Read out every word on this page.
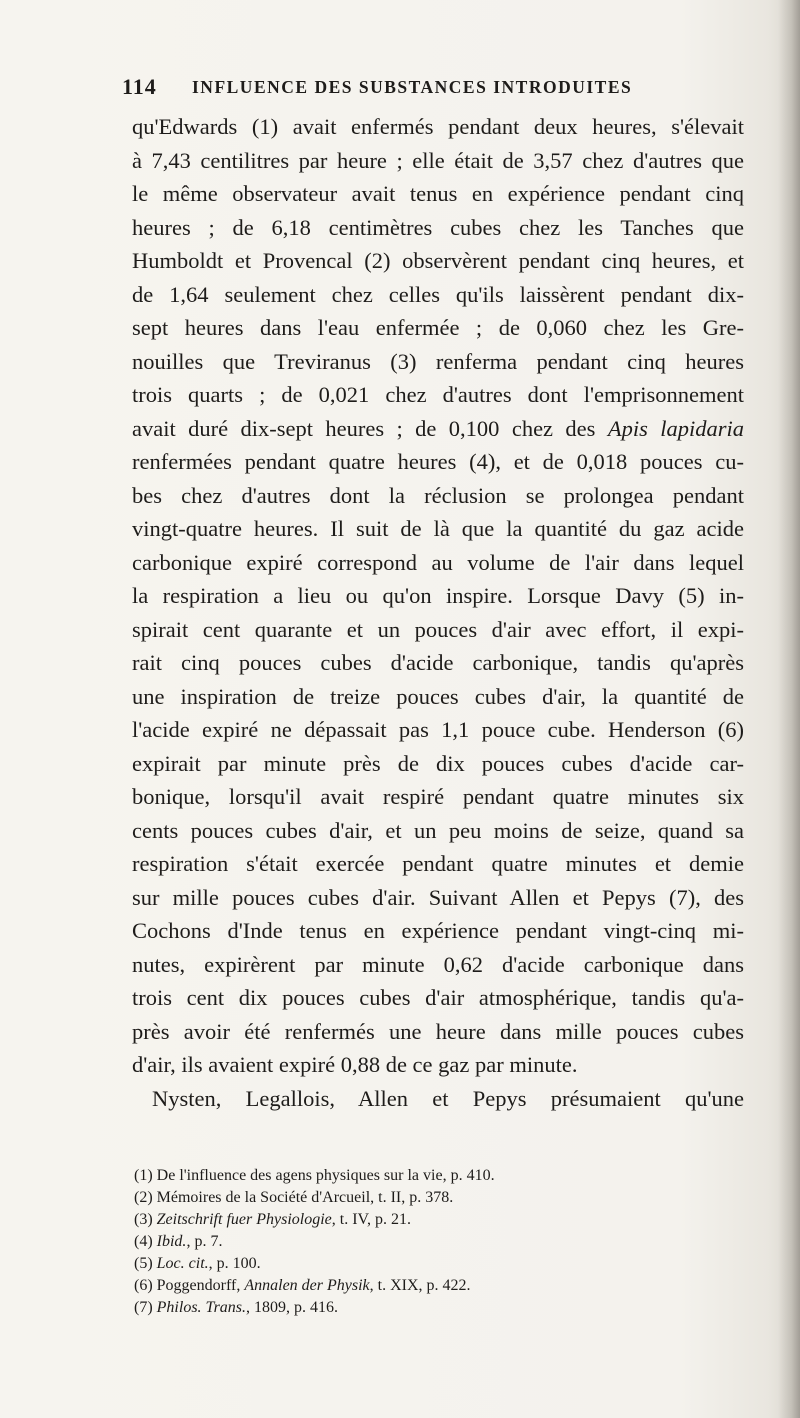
114 INFLUENCE DES SUBSTANCES INTRODUITES
qu'Edwards (1) avait enfermés pendant deux heures, s'élevait
à 7,43 centilitres par heure ; elle était de 3,57 chez d'autres que
le même observateur avait tenus en expérience pendant cinq
heures ; de 6,18 centimètres cubes chez les Tanches que
Humboldt et Provencal (2) observèrent pendant cinq heures, et
de 1,64 seulement chez celles qu'ils laissèrent pendant dix-
sept heures dans l'eau enfermée ; de 0,060 chez les Gre-
nouilles que Treviranus (3) renferma pendant cinq heures
trois quarts ; de 0,021 chez d'autres dont l'emprisonnement
avait duré dix-sept heures ; de 0,100 chez des Apis lapidaria
renfermées pendant quatre heures (4), et de 0,018 pouces cu-
bes chez d'autres dont la réclusion se prolongea pendant
vingt-quatre heures. Il suit de là que la quantité du gaz acide
carbonique expiré correspond au volume de l'air dans lequel
la respiration a lieu ou qu'on inspire. Lorsque Davy (5) in-
spirait cent quarante et un pouces d'air avec effort, il expi-
rait cinq pouces cubes d'acide carbonique, tandis qu'après
une inspiration de treize pouces cubes d'air, la quantité de
l'acide expiré ne dépassait pas 1,1 pouce cube. Henderson (6)
expirait par minute près de dix pouces cubes d'acide car-
bonique, lorsqu'il avait respiré pendant quatre minutes six
cents pouces cubes d'air, et un peu moins de seize, quand sa
respiration s'était exercée pendant quatre minutes et demie
sur mille pouces cubes d'air. Suivant Allen et Pepys (7), des
Cochons d'Inde tenus en expérience pendant vingt-cinq mi-
nutes, expirèrent par minute 0,62 d'acide carbonique dans
trois cent dix pouces cubes d'air atmosphérique, tandis qu'a-
près avoir été renfermés une heure dans mille pouces cubes
d'air, ils avaient expiré 0,88 de ce gaz par minute.
Nysten, Legallois, Allen et Pepys présumaient qu'une
(1) De l'influence des agens physiques sur la vie, p. 410.
(2) Mémoires de la Société d'Arcueil, t. II, p. 378.
(3) Zeitschrift fuer Physiologie, t. IV, p. 21.
(4) Ibid., p. 7.
(5) Loc. cit., p. 100.
(6) Poggendorff, Annalen der Physik, t. XIX, p. 422.
(7) Philos. Trans., 1809, p. 416.
